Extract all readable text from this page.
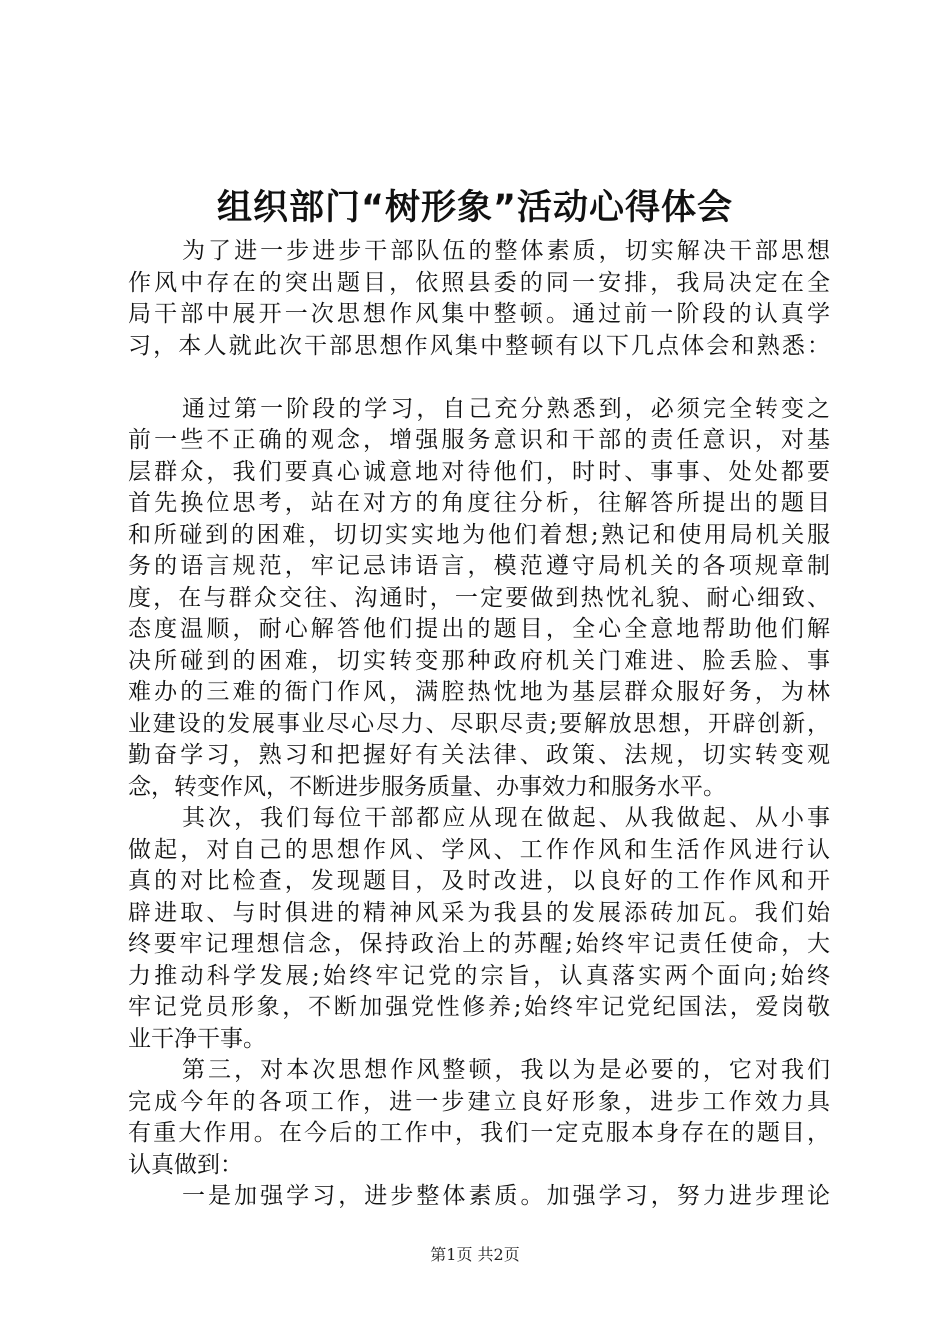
组织部门“树形象”活动心得体会
为了进一步进步干部队伍的整体素质，切实解决干部思想
作风中存在的突出题目，依照县委的同一安排，我局决定在全
局干部中展开一次思想作风集中整顿。通过前一阶段的认真学
习，本人就此次干部思想作风集中整顿有以下几点体会和熟悉：
通过第一阶段的学习，自己充分熟悉到，必须完全转变之
前一些不正确的观念，增强服务意识和干部的责任意识，对基
层群众，我们要真心诚意地对待他们，时时、事事、处处都要
首先换位思考，站在对方的角度往分析，往解答所提出的题目
和所碰到的困难，切切实实地为他们着想;熟记和使用局机关服
务的语言规范，牢记忌讳语言，模范遵守局机关的各项规章制
度，在与群众交往、沟通时，一定要做到热忱礼貌、耐心细致、
态度温顺，耐心解答他们提出的题目，全心全意地帮助他们解
决所碰到的困难，切实转变那种政府机关门难进、脸丢脸、事
难办的三难的衙门作风，满腔热忱地为基层群众服好务，为林
业建设的发展事业尽心尽力、尽职尽责;要解放思想，开辟创新，
勤奋学习，熟习和把握好有关法律、政策、法规，切实转变观
念，转变作风，不断进步服务质量、办事效力和服务水平。
其次，我们每位干部都应从现在做起、从我做起、从小事
做起，对自己的思想作风、学风、工作作风和生活作风进行认
真的对比检查，发现题目，及时改进，以良好的工作作风和开
辟进取、与时俱进的精神风采为我县的发展添砖加瓦。我们始
终要牢记理想信念，保持政治上的苏醒;始终牢记责任使命，大
力推动科学发展;始终牢记党的宗旨，认真落实两个面向;始终
牢记党员形象，不断加强党性修养;始终牢记党纪国法，爱岗敬
业干净干事。
第三，对本次思想作风整顿，我以为是必要的，它对我们
完成今年的各项工作，进一步建立良好形象，进步工作效力具
有重大作用。在今后的工作中，我们一定克服本身存在的题目，
认真做到：
一是加强学习，进步整体素质。加强学习，努力进步理论
第1页 共2页
